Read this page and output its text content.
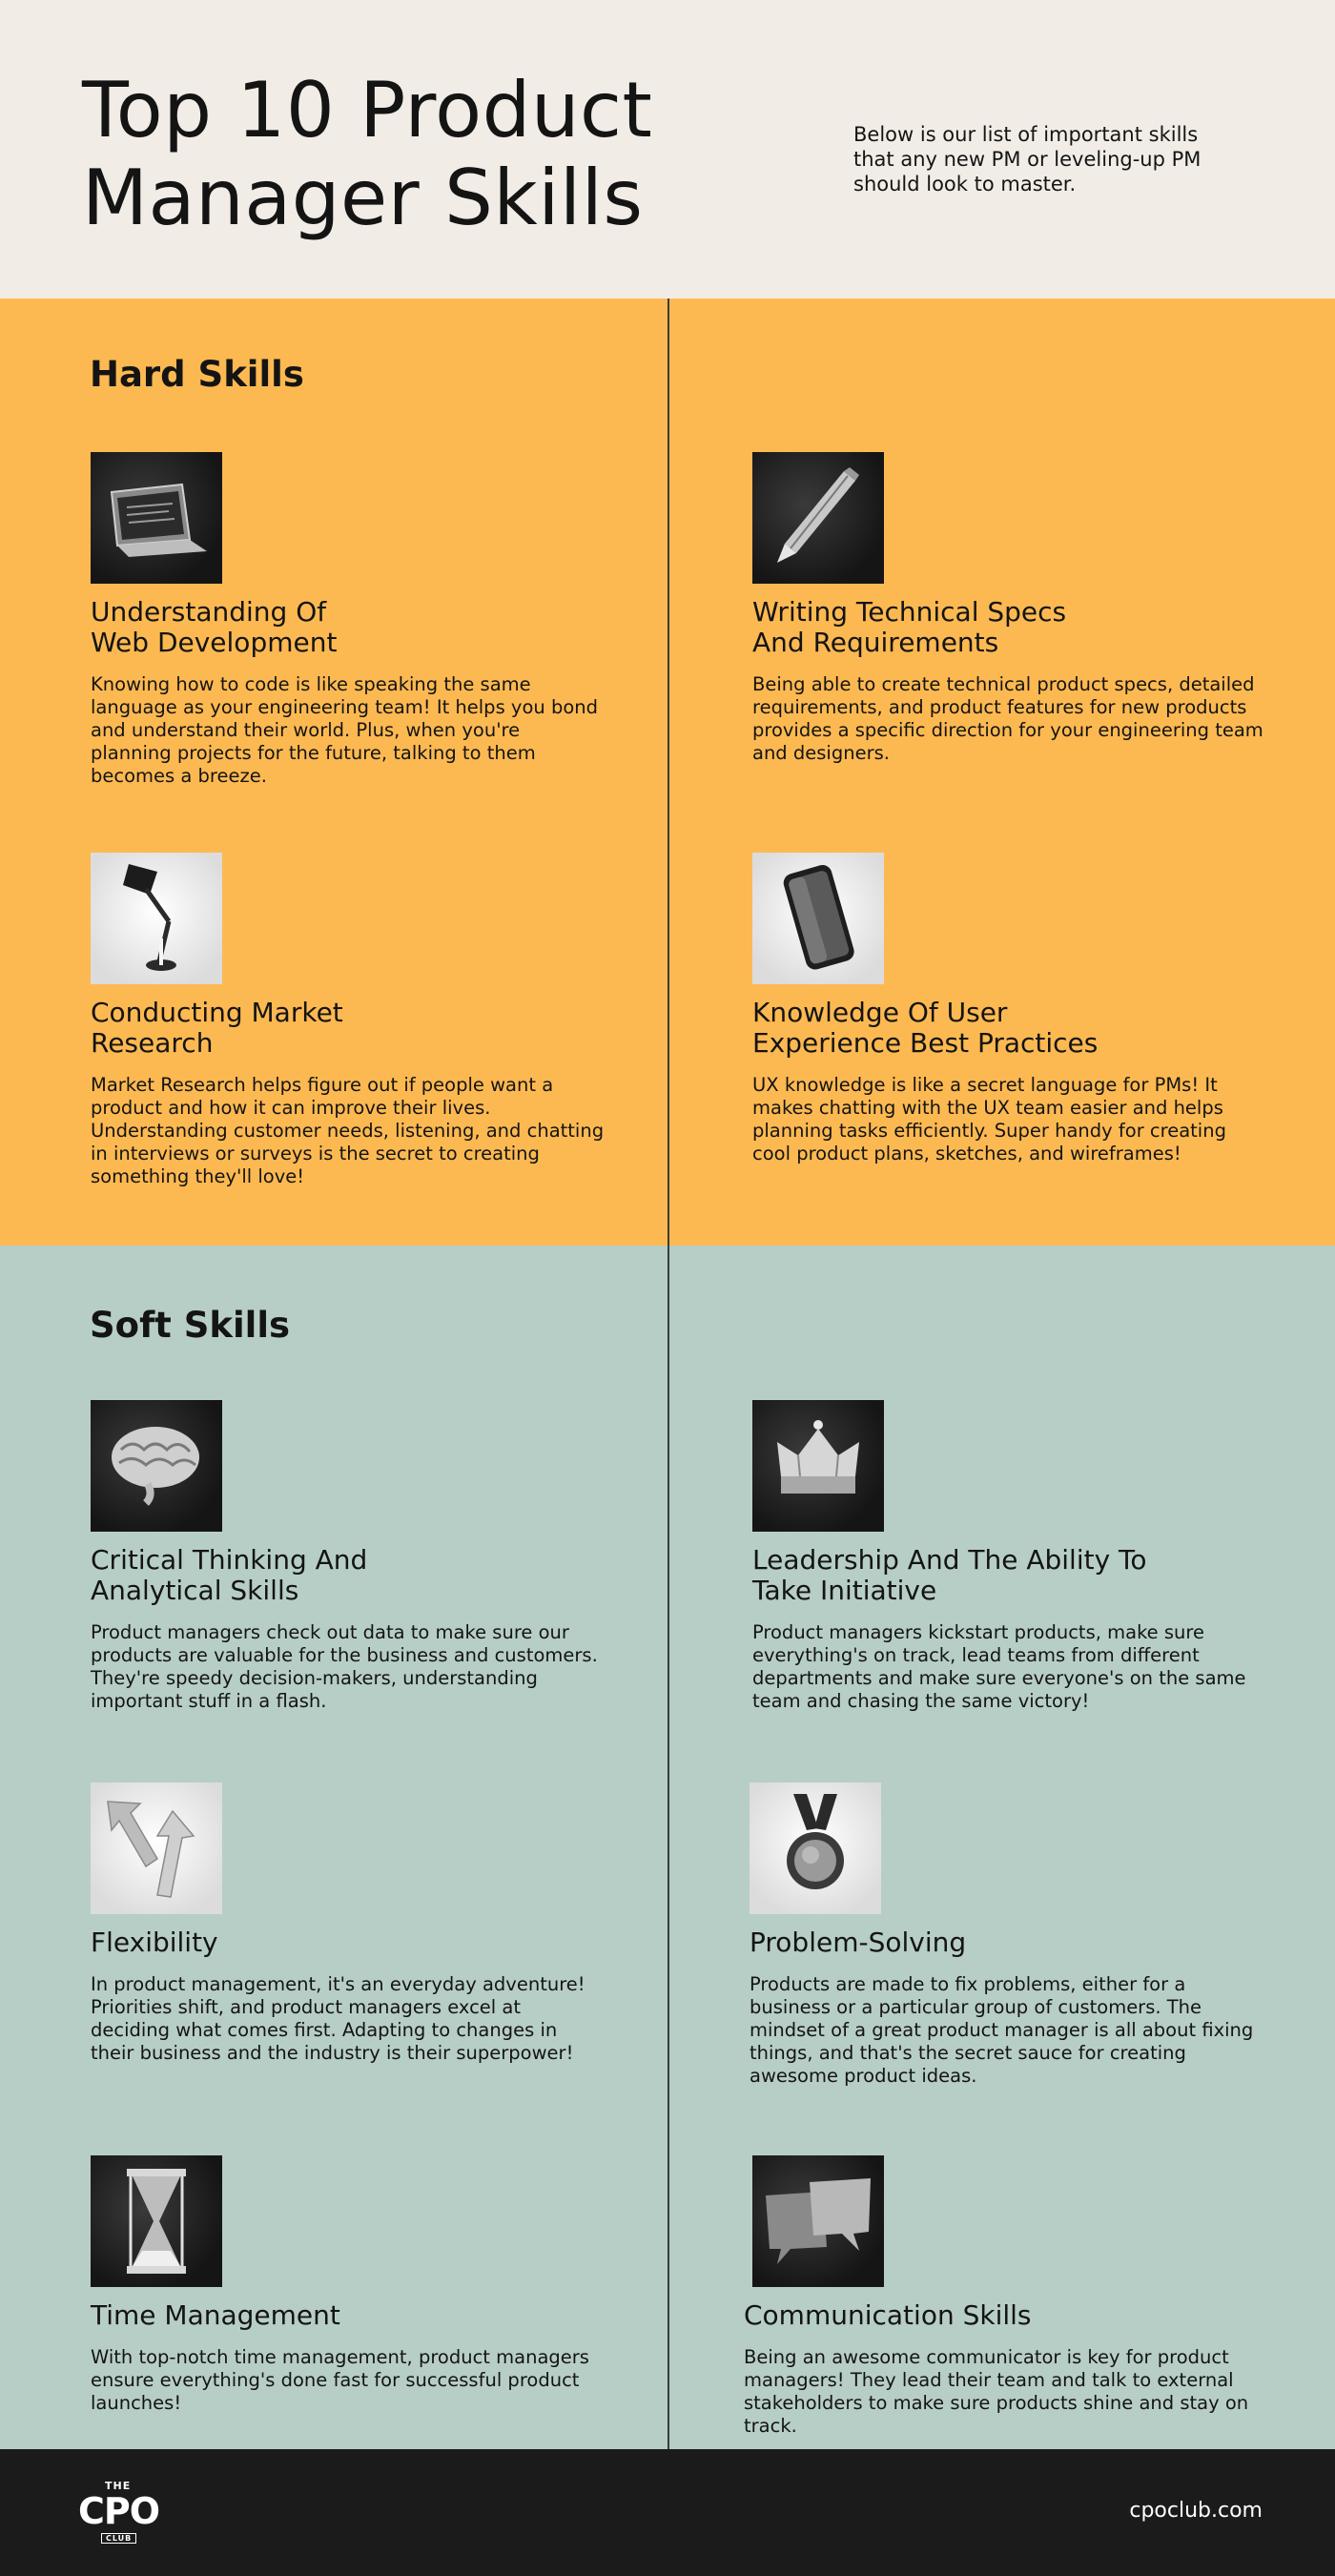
Top 10 Product
Manager Skills

Below is our list of important skills that any new PM or leveling-up PM should look to master.

Hard Skills
Understanding Of
Web Development

Knowing how to code is like speaking the same language as your engineering team! It helps you bond and understand their world. Plus, when you're planning projects for the future, talking to them becomes a breeze.

Writing Technical Specs
And Requirements

Being able to create technical product specs, detailed requirements, and product features for new products provides a specific direction for your engineering team and designers.

Conducting Market
Research

Market Research helps figure out if people want a product and how it can improve their lives. Understanding customer needs, listening, and chatting in interviews or surveys is the secret to creating something they'll love!

Knowledge Of User
Experience Best Practices

UX knowledge is like a secret language for PMs! It makes chatting with the UX team easier and helps planning tasks efficiently. Super handy for creating cool product plans, sketches, and wireframes!

Soft Skills
Critical Thinking And
Analytical Skills

Product managers check out data to make sure our products are valuable for the business and customers. They're speedy decision-makers, understanding important stuff in a flash.

Leadership And The Ability To
Take Initiative

Product managers kickstart products, make sure everything's on track, lead teams from different departments and make sure everyone's on the same team and chasing the same victory!

Flexibility

In product management, it's an everyday adventure! Priorities shift, and product managers excel at deciding what comes first. Adapting to changes in their business and the industry is their superpower!

Problem-Solving

Products are made to fix problems, either for a business or a particular group of customers. The mindset of a great product manager is all about fixing things, and that's the secret sauce for creating awesome product ideas.

Time Management

With top-notch time management, product managers ensure everything's done fast for successful product launches!

Communication Skills

Being an awesome communicator is key for product managers! They lead their team and talk to external stakeholders to make sure products shine and stay on track.

THE
CPO
CLUB
cpoclub.com
